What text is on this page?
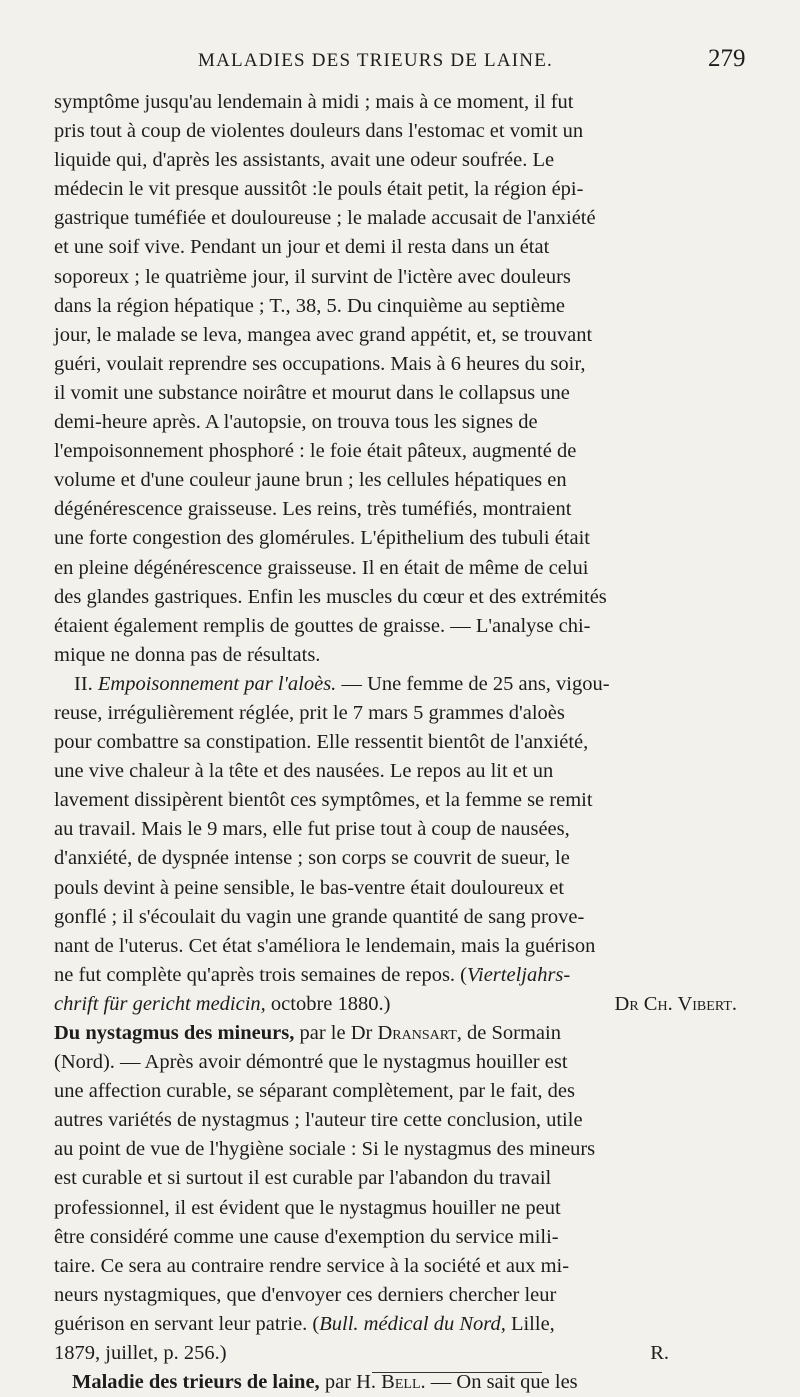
MALADIES DES TRIEURS DE LAINE.	279
symptôme jusqu'au lendemain à midi ; mais à ce moment, il fut
pris tout à coup de violentes douleurs dans l'estomac et vomit un
liquide qui, d'après les assistants, avait une odeur soufrée. Le
médecin le vit presque aussitôt :le pouls était petit, la région épi-
gastrique tuméfiée et douloureuse ; le malade accusait de l'anxiété
et une soif vive. Pendant un jour et demi il resta dans un état
soporeux ; le quatrième jour, il survint de l'ictère avec douleurs
dans la région hépatique ; T., 38, 5. Du cinquième au septième
jour, le malade se leva, mangea avec grand appétit, et, se trouvant
guéri, voulait reprendre ses occupations. Mais à 6 heures du soir,
il vomit une substance noirâtre et mourut dans le collapsus une
demi-heure après. A l'autopsie, on trouva tous les signes de
l'empoisonnement phosphoré : le foie était pâteux, augmenté de
volume et d'une couleur jaune brun ; les cellules hépatiques en
dégénérescence graisseuse. Les reins, très tuméfiés, montraient
une forte congestion des glomérules. L'épithelium des tubuli était
en pleine dégénérescence graisseuse. Il en était de même de celui
des glandes gastriques. Enfin les muscles du cœur et des extrémités
étaient également remplis de gouttes de graisse. — L'analyse chi-
mique ne donna pas de résultats.
II. Empoisonnement par l'aloès. — Une femme de 25 ans, vigou-
reuse, irrégulièrement réglée, prit le 7 mars 5 grammes d'aloès
pour combattre sa constipation. Elle ressentit bientôt de l'anxiété,
une vive chaleur à la tête et des nausées. Le repos au lit et un
lavement dissipèrent bientôt ces symptômes, et la femme se remit
au travail. Mais le 9 mars, elle fut prise tout à coup de nausées,
d'anxiété, de dyspnée intense ; son corps se couvrit de sueur, le
pouls devint à peine sensible, le bas-ventre était douloureux et
gonflé ; il s'écoulait du vagin une grande quantité de sang prove-
nant de l'uterus. Cet état s'améliora le lendemain, mais la guérison
ne fut complète qu'après trois semaines de repos. (Vierteljahrs-
chrift für gericht medicin, octobre 1880.)	Dr Ch. Vibert.
Du nystagmus des mineurs, par le Dr Dransart, de Sormain
(Nord). — Après avoir démontré que le nystagmus houiller est
une affection curable, se séparant complètement, par le fait, des
autres variétés de nystagmus ; l'auteur tire cette conclusion, utile
au point de vue de l'hygiène sociale : Si le nystagmus des mineurs
est curable et si surtout il est curable par l'abandon du travail
professionnel, il est évident que le nystagmus houiller ne peut
être considéré comme une cause d'exemption du service mili-
taire. Ce sera au contraire rendre service à la société et aux mi-
neurs nystagmiques, que d'envoyer ces derniers chercher leur
guérison en servant leur patrie. (Bull. médical du Nord, Lille,
1879, juillet, p. 256.)	R.
Maladie des trieurs de laine, par H. Bell. — On sait que les
